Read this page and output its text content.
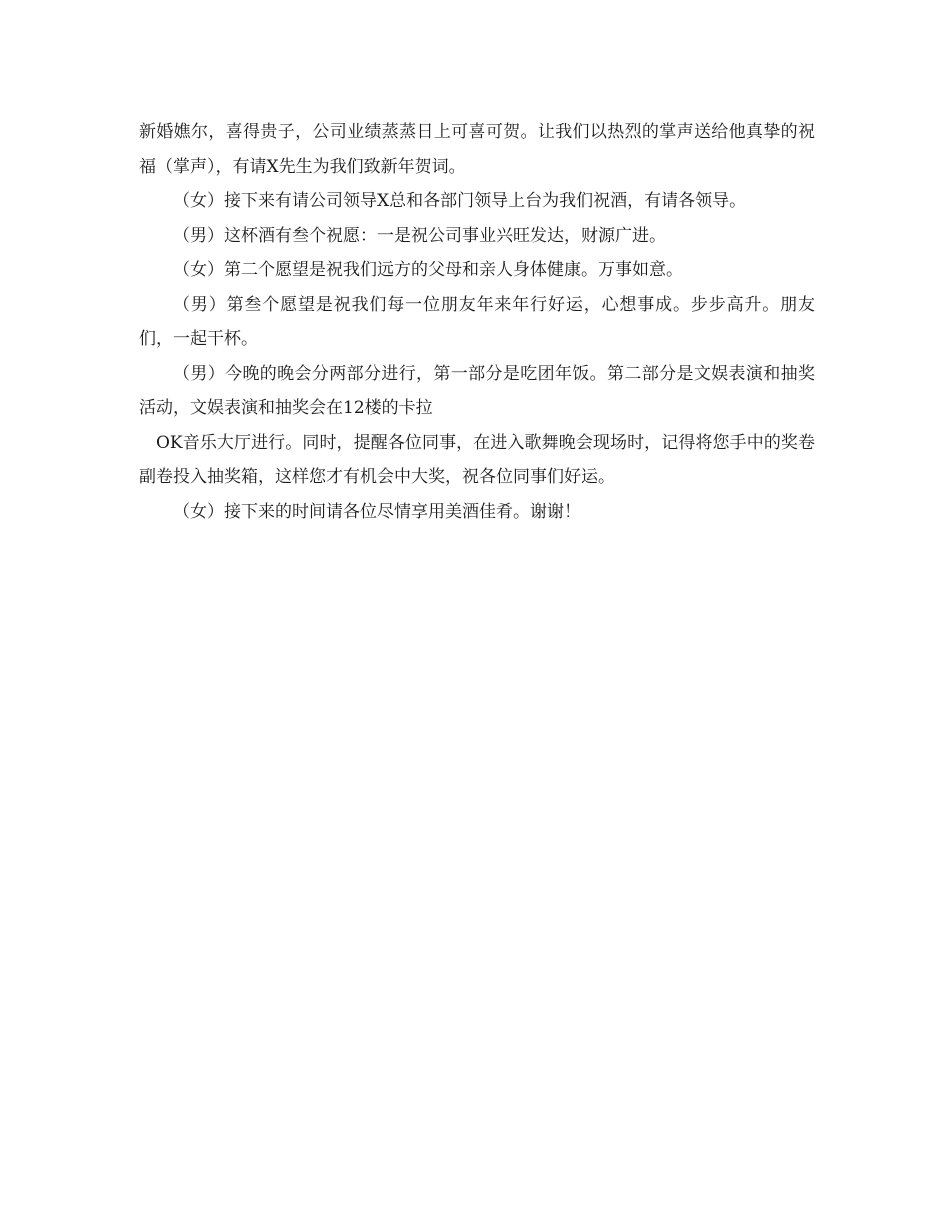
新婚嫶尔，喜得贵子，公司业绩蒸蒸日上可喜可贺。让我们以热烈的掌声送给他真挚的祝福（掌声），有请X先生为我们致新年贺词。

（女）接下来有请公司领导X总和各部门领导上台为我们祝酒，有请各领导。

（男）这杯酒有叁个祝愿：一是祝公司事业兴旺发达，财源广进。

（女）第二个愿望是祝我们远方的父母和亲人身体健康。万事如意。

（男）第叁个愿望是祝我们每一位朋友年来年行好运，心想事成。步步高升。朋友们，一起干杯。

（男）今晚的晚会分两部分进行，第一部分是吃团年饭。第二部分是文娱表演和抽奖活动，文娱表演和抽奖会在12楼的卡拉

OK音乐大厅进行。同时，提醒各位同事，在进入歌舞晚会现场时，记得将您手中的奖卷副卷投入抽奖箱，这样您才有机会中大奖，祝各位同事们好运。

（女）接下来的时间请各位尽情享用美酒佳肴。谢谢！
